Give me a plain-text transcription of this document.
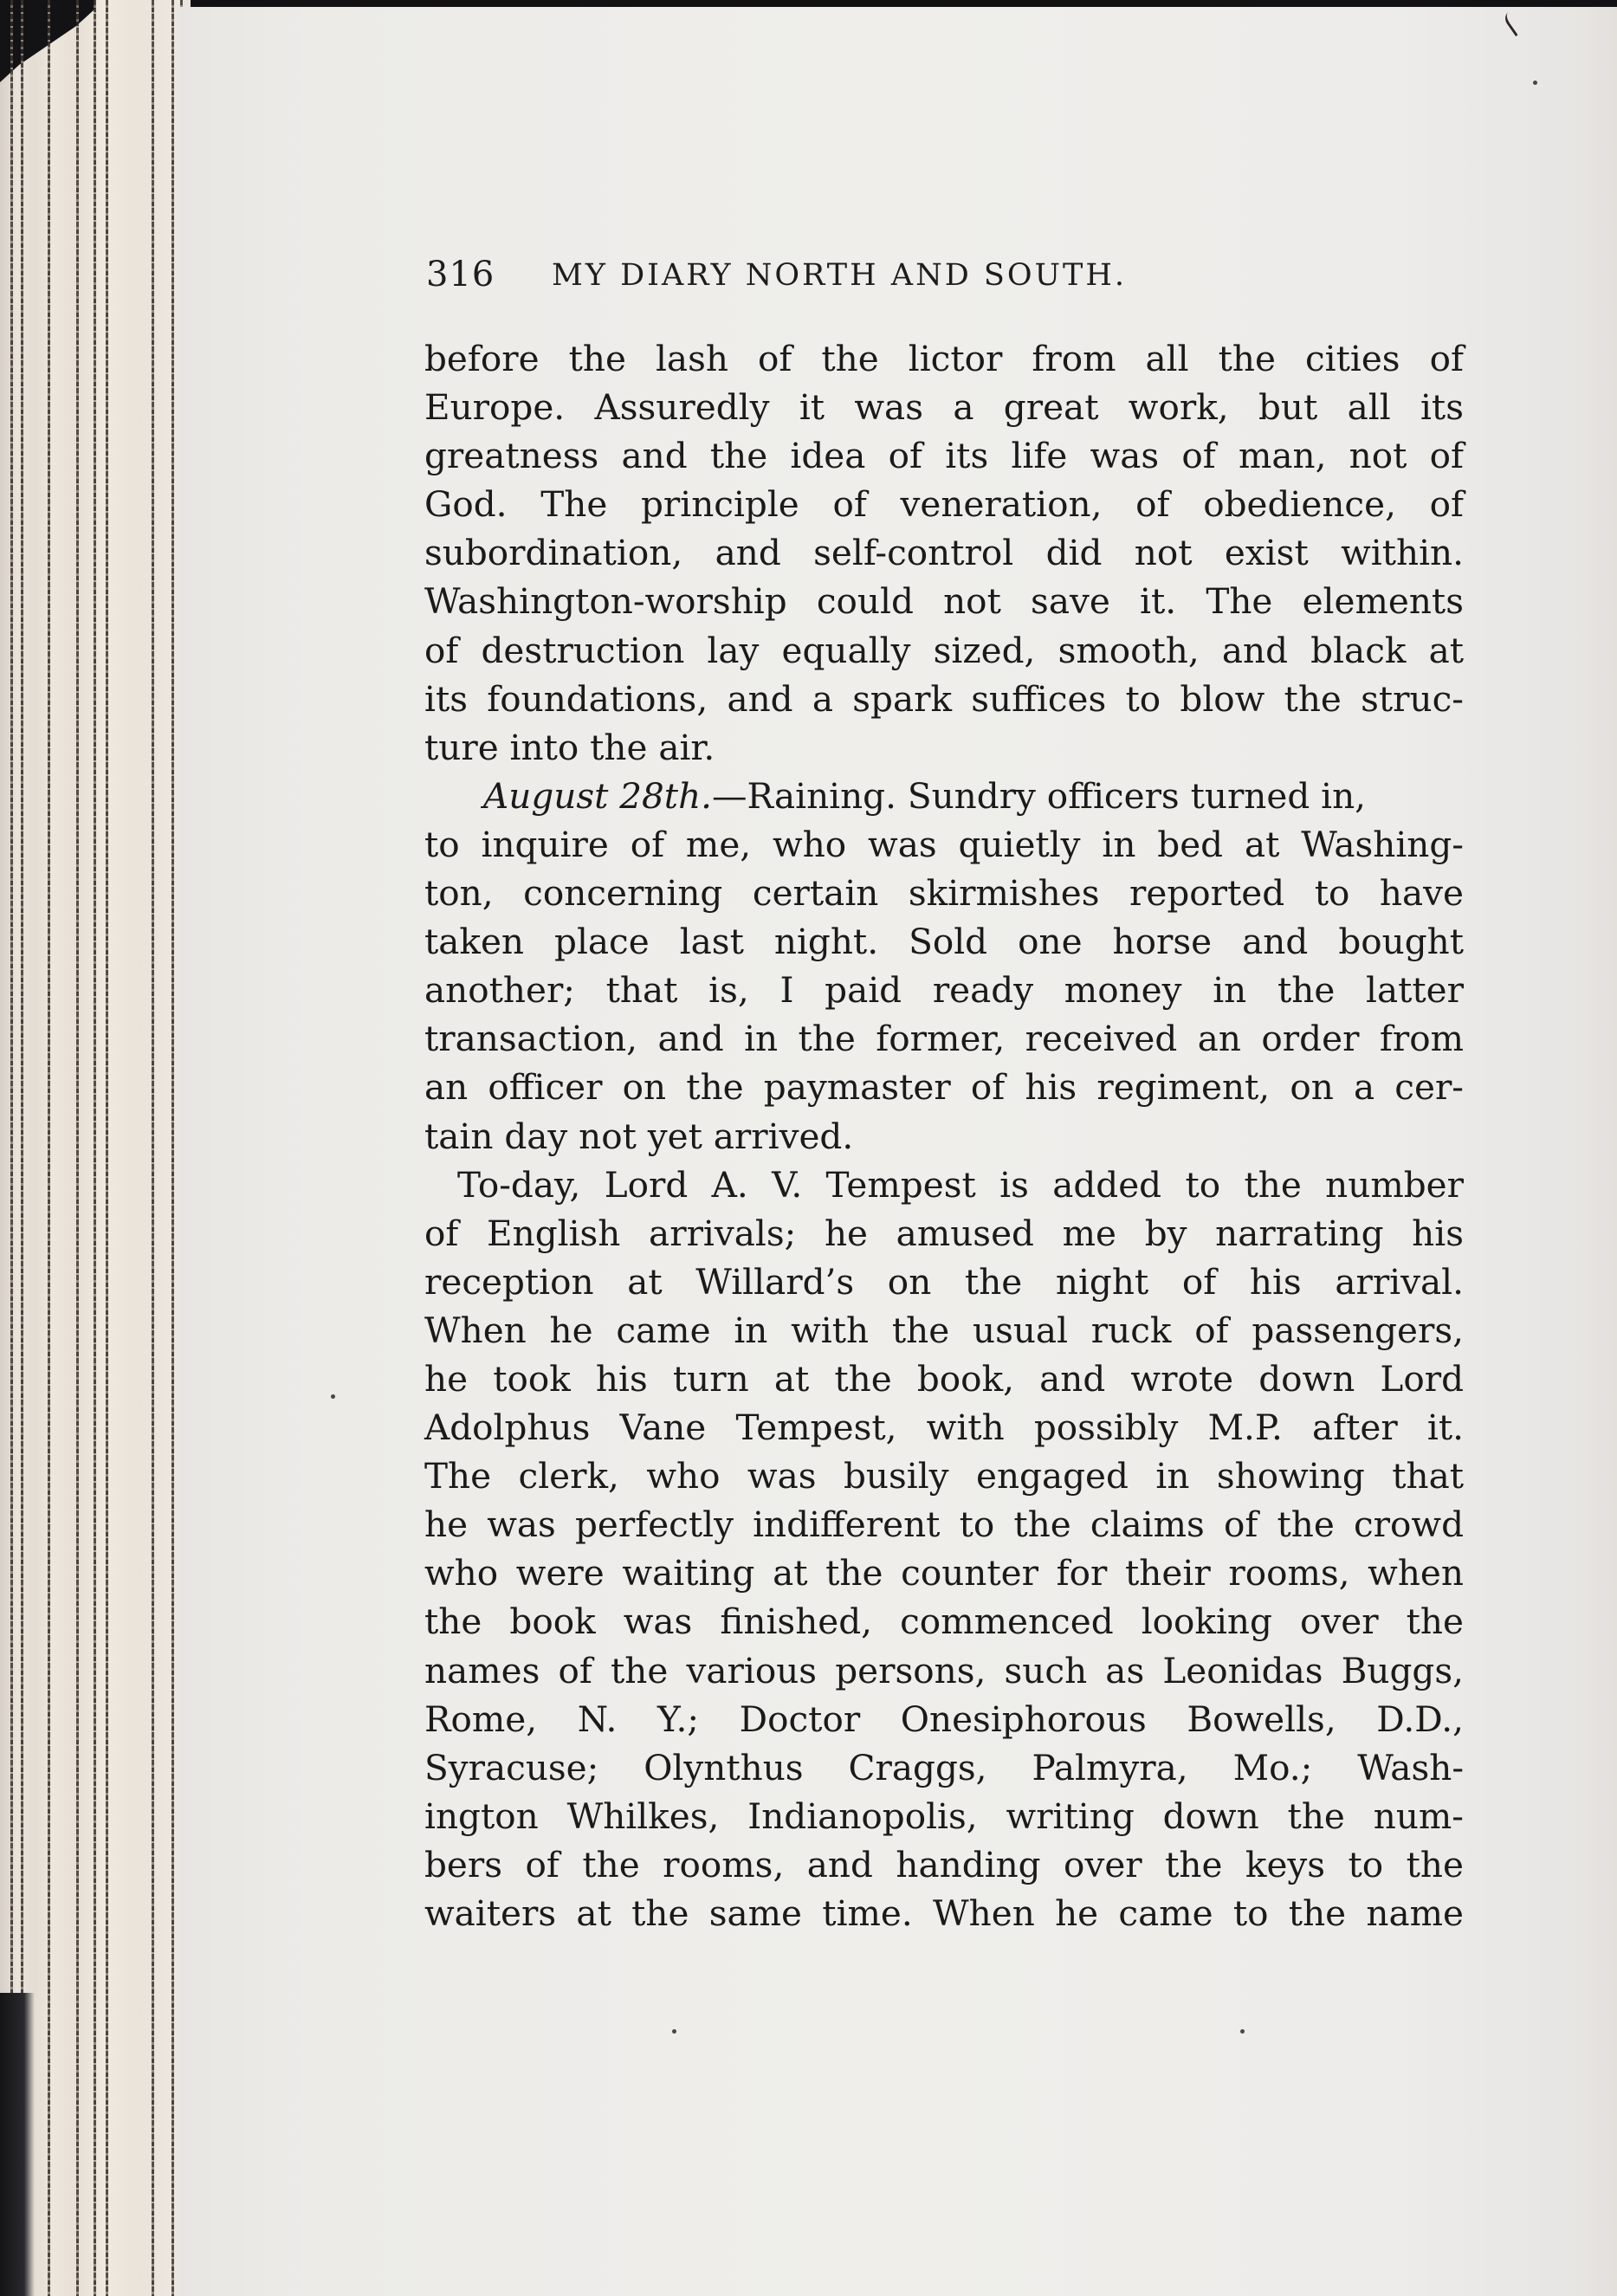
316 MY DIARY NORTH AND SOUTH.
before the lash of the lictor from all the cities of
Europe. Assuredly it was a great work, but all its
greatness and the idea of its life was of man, not of
God. The principle of veneration, of obedience, of
subordination, and self-control did not exist within.
Washington-worship could not save it. The elements
of destruction lay equally sized, smooth, and black at
its foundations, and a spark suffices to blow the struc-
ture into the air.
August 28th.—Raining. Sundry officers turned in,
to inquire of me, who was quietly in bed at Washing-
ton, concerning certain skirmishes reported to have
taken place last night. Sold one horse and bought
another; that is, I paid ready money in the latter
transaction, and in the former, received an order from
an officer on the paymaster of his regiment, on a cer-
tain day not yet arrived.
To-day, Lord A. V. Tempest is added to the number
of English arrivals; he amused me by narrating his
reception at Willard’s on the night of his arrival.
When he came in with the usual ruck of passengers,
he took his turn at the book, and wrote down Lord
Adolphus Vane Tempest, with possibly M.P. after it.
The clerk, who was busily engaged in showing that
he was perfectly indifferent to the claims of the crowd
who were waiting at the counter for their rooms, when
the book was finished, commenced looking over the
names of the various persons, such as Leonidas Buggs,
Rome, N. Y.; Doctor Onesiphorous Bowells, D.D.,
Syracuse; Olynthus Craggs, Palmyra, Mo.; Wash-
ington Whilkes, Indianopolis, writing down the num-
bers of the rooms, and handing over the keys to the
waiters at the same time. When he came to the name
